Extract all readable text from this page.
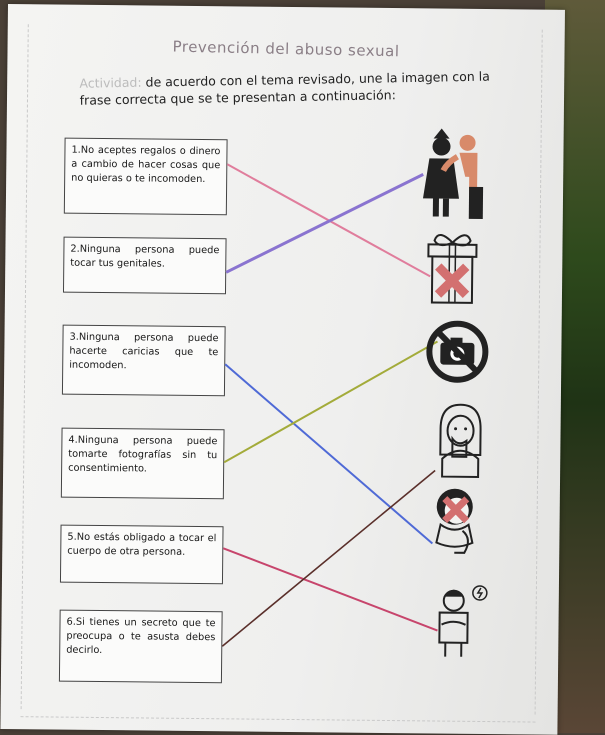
Prevención del abuso sexual
Actividad: de acuerdo con el tema revisado, une la imagen con la frase correcta que se te presentan a continuación:
1.No aceptes regalos o dinero a cambio de hacer cosas que no quieras o te incomoden.
2.Ninguna persona puede tocar tus genitales.
3.Ninguna persona puede hacerte caricias que te incomoden.
4.Ninguna persona puede tomarte fotografías sin tu consentimiento.
5.No estás obligado a tocar el cuerpo de otra persona.
6.Si tienes un secreto que te preocupa o te asusta debes decirlo.
